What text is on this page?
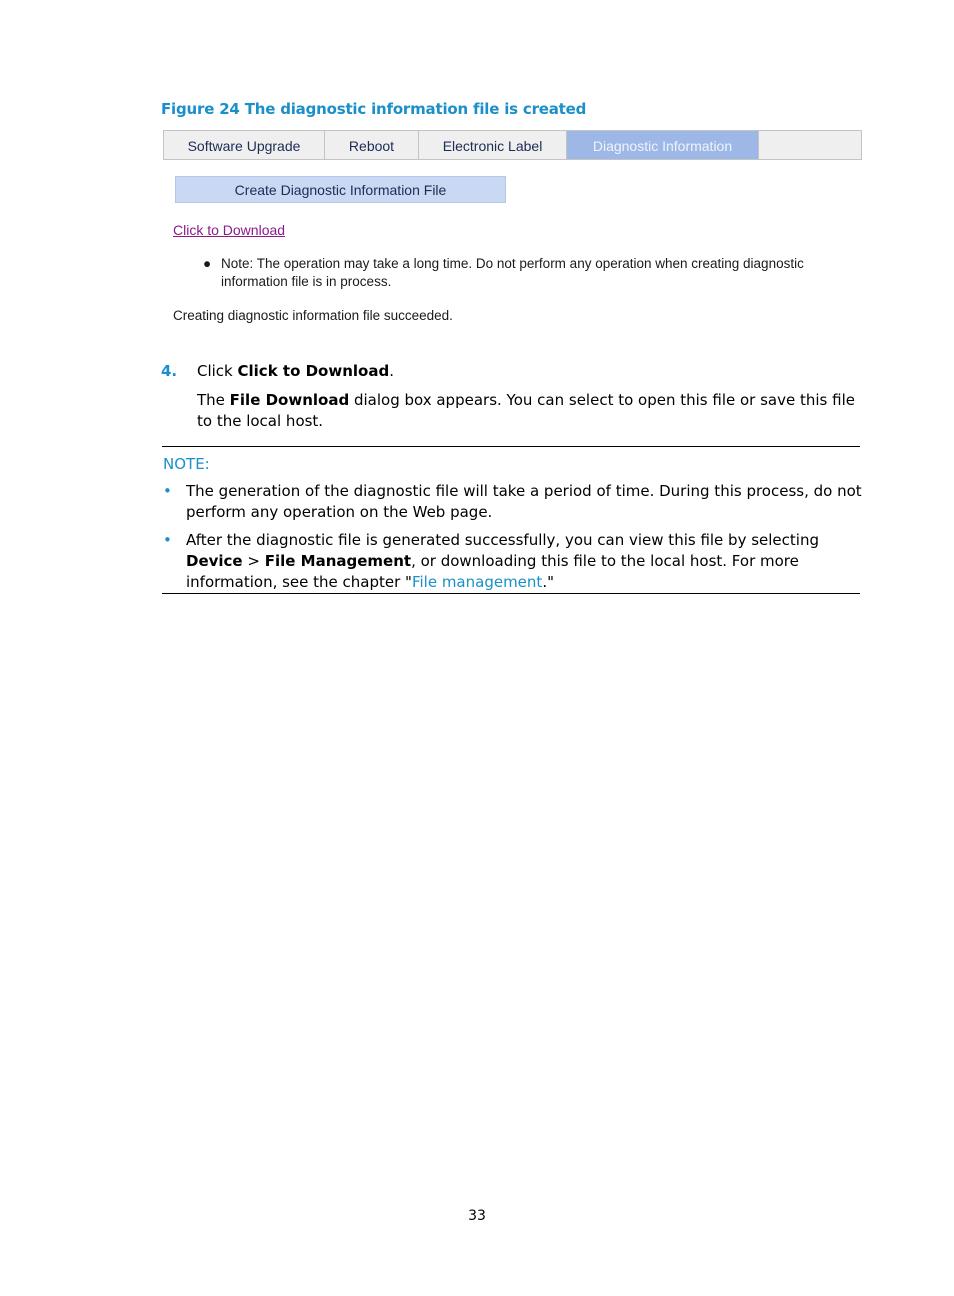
Figure 24 The diagnostic information file is created
Software Upgrade	Reboot	Electronic Label	Diagnostic Information
Create Diagnostic Information File
Click to Download
● Note: The operation may take a long time. Do not perform any operation when creating diagnostic information file is in process.
Creating diagnostic information file succeeded.
4. Click Click to Download.
The File Download dialog box appears. You can select to open this file or save this file to the local host.
NOTE:
• The generation of the diagnostic file will take a period of time. During this process, do not perform any operation on the Web page.
• After the diagnostic file is generated successfully, you can view this file by selecting Device > File Management, or downloading this file to the local host. For more information, see the chapter "File management."
33
